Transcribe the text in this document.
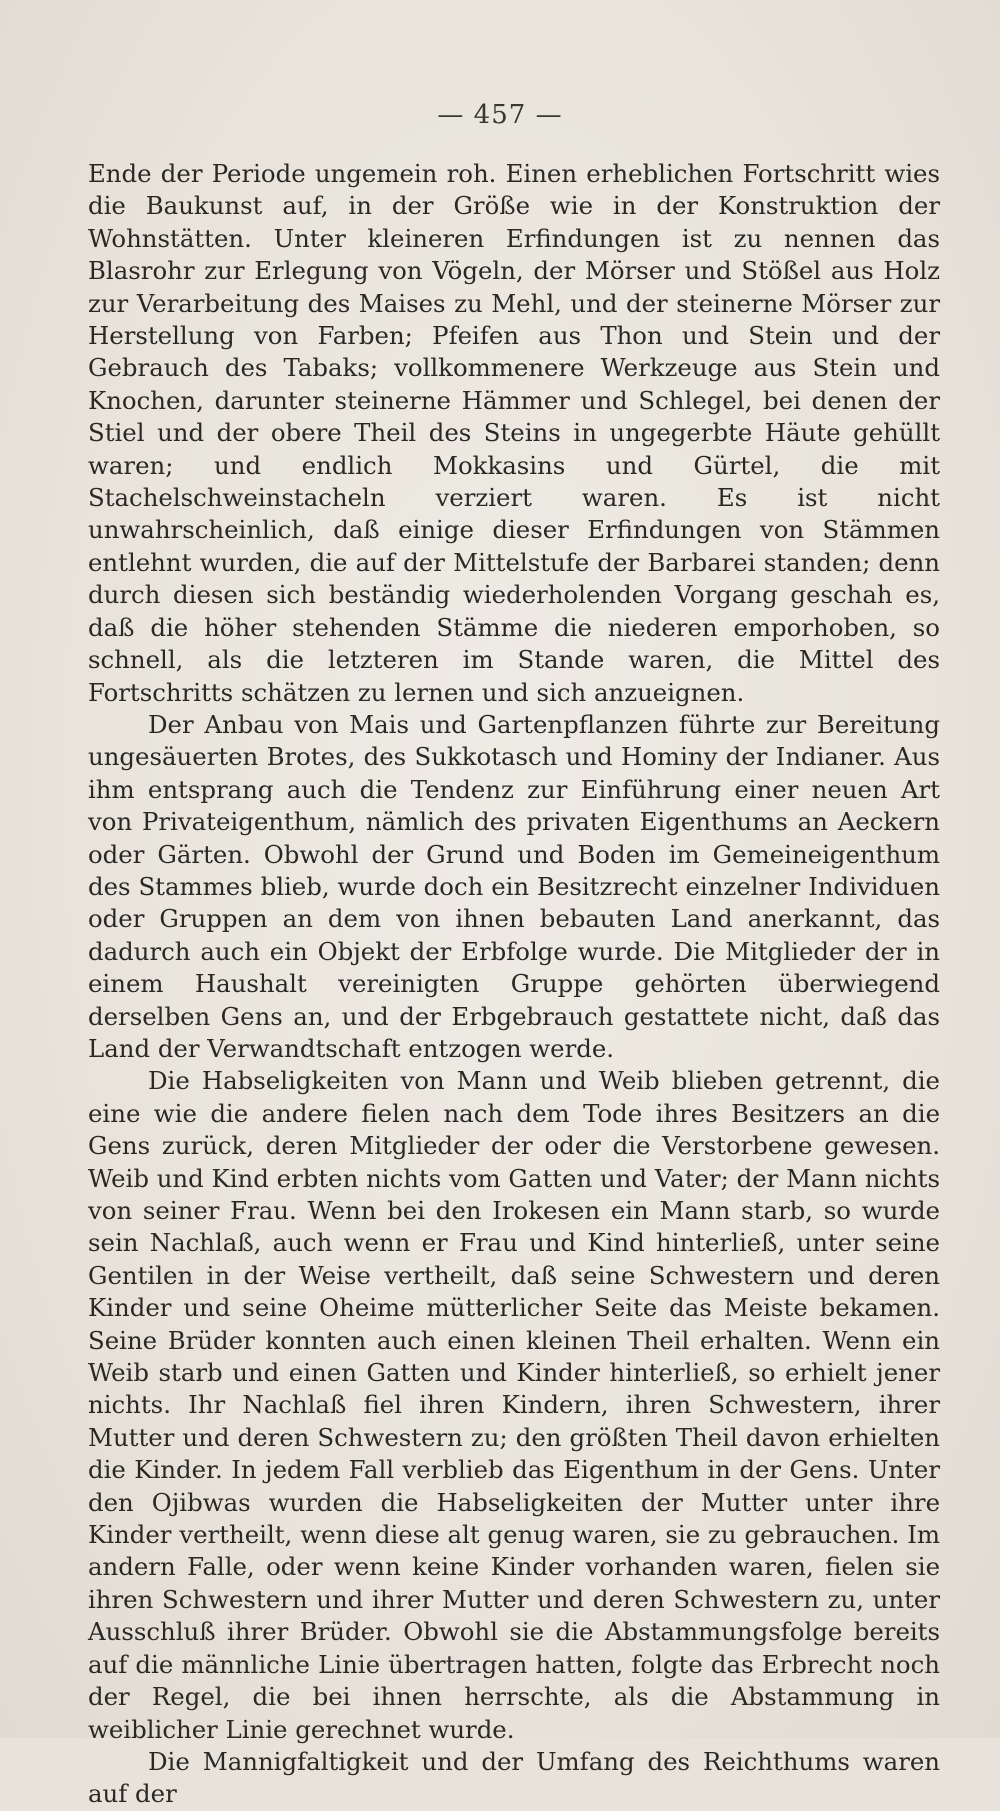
— 457 —

Ende der Periode ungemein roh. Einen erheblichen Fortschritt wies die Baukunst auf, in der Größe wie in der Konstruktion der Wohnstätten. Unter kleineren Erfindungen ist zu nennen das Blasrohr zur Erlegung von Vögeln, der Mörser und Stößel aus Holz zur Verarbeitung des Maises zu Mehl, und der steinerne Mörser zur Herstellung von Farben; Pfeifen aus Thon und Stein und der Gebrauch des Tabaks; vollkommenere Werkzeuge aus Stein und Knochen, darunter steinerne Hämmer und Schlegel, bei denen der Stiel und der obere Theil des Steins in ungegerbte Häute gehüllt waren; und endlich Mokkasins und Gürtel, die mit Stachelschweinstacheln verziert waren. Es ist nicht unwahrscheinlich, daß einige dieser Erfindungen von Stämmen entlehnt wurden, die auf der Mittelstufe der Barbarei standen; denn durch diesen sich beständig wiederholenden Vorgang geschah es, daß die höher stehenden Stämme die niederen emporhoben, so schnell, als die letzteren im Stande waren, die Mittel des Fortschritts schätzen zu lernen und sich anzueignen.

Der Anbau von Mais und Gartenpflanzen führte zur Bereitung ungesäuerten Brotes, des Sukkotasch und Hominy der Indianer. Aus ihm entsprang auch die Tendenz zur Einführung einer neuen Art von Privateigenthum, nämlich des privaten Eigenthums an Aeckern oder Gärten. Obwohl der Grund und Boden im Gemeineigenthum des Stammes blieb, wurde doch ein Besitzrecht einzelner Individuen oder Gruppen an dem von ihnen bebauten Land anerkannt, das dadurch auch ein Objekt der Erbfolge wurde. Die Mitglieder der in einem Haushalt vereinigten Gruppe gehörten überwiegend derselben Gens an, und der Erbgebrauch gestattete nicht, daß das Land der Verwandtschaft entzogen werde.

Die Habseligkeiten von Mann und Weib blieben getrennt, die eine wie die andere fielen nach dem Tode ihres Besitzers an die Gens zurück, deren Mitglieder der oder die Verstorbene gewesen. Weib und Kind erbten nichts vom Gatten und Vater; der Mann nichts von seiner Frau. Wenn bei den Irokesen ein Mann starb, so wurde sein Nachlaß, auch wenn er Frau und Kind hinterließ, unter seine Gentilen in der Weise vertheilt, daß seine Schwestern und deren Kinder und seine Oheime mütterlicher Seite das Meiste bekamen. Seine Brüder konnten auch einen kleinen Theil erhalten. Wenn ein Weib starb und einen Gatten und Kinder hinterließ, so erhielt jener nichts. Ihr Nachlaß fiel ihren Kindern, ihren Schwestern, ihrer Mutter und deren Schwestern zu; den größten Theil davon erhielten die Kinder. In jedem Fall verblieb das Eigenthum in der Gens. Unter den Ojibwas wurden die Habseligkeiten der Mutter unter ihre Kinder vertheilt, wenn diese alt genug waren, sie zu gebrauchen. Im andern Falle, oder wenn keine Kinder vorhanden waren, fielen sie ihren Schwestern und ihrer Mutter und deren Schwestern zu, unter Ausschluß ihrer Brüder. Obwohl sie die Abstammungsfolge bereits auf die männliche Linie übertragen hatten, folgte das Erbrecht noch der Regel, die bei ihnen herrschte, als die Abstammung in weiblicher Linie gerechnet wurde.

Die Mannigfaltigkeit und der Umfang des Reichthums waren auf der
